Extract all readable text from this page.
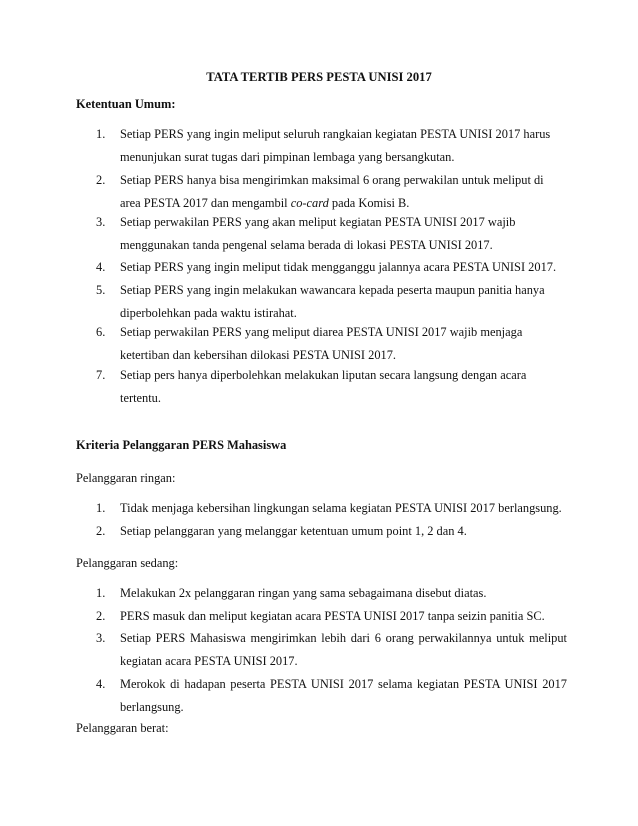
TATA TERTIB PERS PESTA UNISI 2017
Ketentuan Umum:
1. Setiap PERS yang ingin meliput seluruh rangkaian kegiatan PESTA UNISI 2017 harus
menunjukan surat tugas dari pimpinan lembaga yang bersangkutan.
2. Setiap PERS hanya bisa mengirimkan maksimal 6 orang perwakilan untuk meliput di
area PESTA 2017 dan mengambil co-card pada Komisi B.
3. Setiap perwakilan PERS yang akan meliput kegiatan PESTA UNISI 2017 wajib
menggunakan tanda pengenal selama berada di lokasi PESTA UNISI 2017.
4. Setiap PERS yang ingin meliput tidak mengganggu jalannya acara PESTA UNISI 2017.
5. Setiap PERS yang ingin melakukan wawancara kepada peserta maupun panitia hanya
diperbolehkan pada waktu istirahat.
6. Setiap perwakilan PERS yang meliput diarea PESTA UNISI 2017 wajib menjaga
ketertiban dan kebersihan dilokasi PESTA UNISI 2017.
7. Setiap pers hanya diperbolehkan melakukan liputan secara langsung dengan acara
tertentu.
Kriteria Pelanggaran PERS Mahasiswa
Pelanggaran ringan:
1. Tidak menjaga kebersihan lingkungan selama kegiatan PESTA UNISI 2017 berlangsung.
2. Setiap pelanggaran yang melanggar ketentuan umum point 1, 2 dan 4.
Pelanggaran sedang:
1. Melakukan 2x pelanggaran ringan yang sama sebagaimana disebut diatas.
2. PERS masuk dan meliput kegiatan acara PESTA UNISI 2017 tanpa seizin panitia SC.
3. Setiap PERS Mahasiswa mengirimkan lebih dari 6 orang perwakilannya untuk meliput
kegiatan acara PESTA UNISI 2017.
4. Merokok di hadapan peserta PESTA UNISI 2017 selama kegiatan PESTA UNISI 2017
berlangsung.
Pelanggaran berat:
